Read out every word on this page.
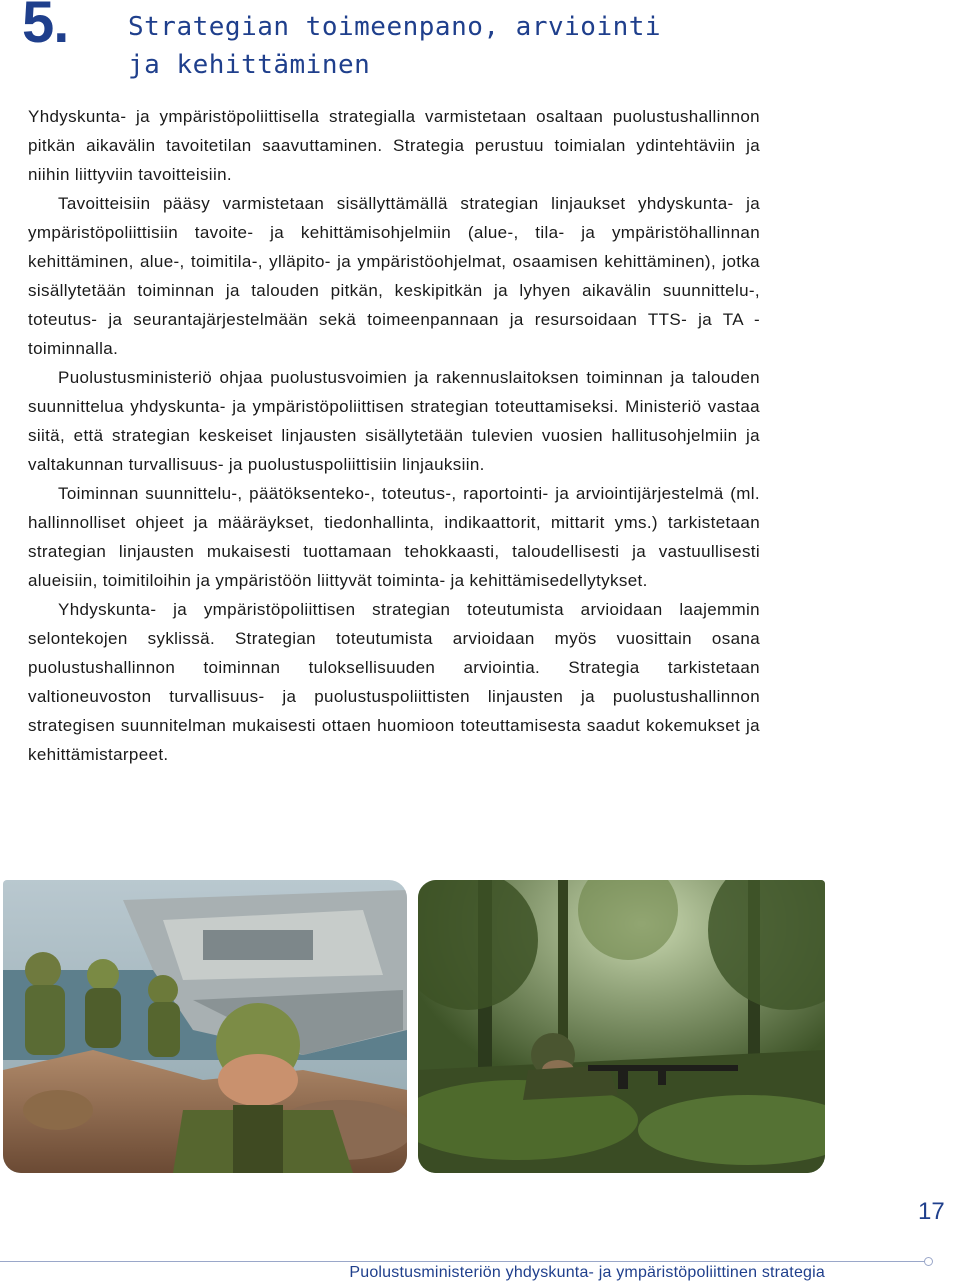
5. Strategian toimeenpano, arviointi
ja kehittäminen

Yhdyskunta- ja ympäristöpoliittisella strategialla varmistetaan osaltaan puolustushallinnon pitkän aikavälin tavoitetilan saavuttaminen. Strategia perustuu toimialan ydintehtäviin ja niihin liittyviin tavoitteisiin.

Tavoitteisiin pääsy varmistetaan sisällyttämällä strategian linjaukset yhdyskunta- ja ympäristöpoliittisiin tavoite- ja kehittämisohjelmiin (alue-, tila- ja ympäristöhallinnan kehittäminen, alue-, toimitila-, ylläpito- ja ympäristöohjelmat, osaamisen kehittäminen), jotka sisällytetään toiminnan ja talouden pitkän, keskipitkän ja lyhyen aikavälin suunnittelu-, toteutus- ja seurantajärjestelmään sekä toimeenpannaan ja resursoidaan TTS- ja TA -toiminnalla.

Puolustusministeriö ohjaa puolustusvoimien ja rakennuslaitoksen toiminnan ja talouden suunnittelua yhdyskunta- ja ympäristöpoliittisen strategian toteuttamiseksi. Ministeriö vastaa siitä, että strategian keskeiset linjausten sisällytetään tulevien vuosien hallitusohjelmiin ja valtakunnan turvallisuus- ja puolustuspoliittisiin linjauksiin.

Toiminnan suunnittelu-, päätöksenteko-, toteutus-, raportointi- ja arviointijärjestelmä (ml. hallinnolliset ohjeet ja määräykset, tiedonhallinta, indikaattorit, mittarit yms.) tarkistetaan strategian linjausten mukaisesti tuottamaan tehokkaasti, taloudellisesti ja vastuullisesti alueisiin, toimitiloihin ja ympäristöön liittyvät toiminta- ja kehittämisedellytykset.

Yhdyskunta- ja ympäristöpoliittisen strategian toteutumista arvioidaan laajemmin selontekojen syklissä. Strategian toteutumista arvioidaan myös vuosittain osana puolustushallinnon toiminnan tuloksellisuuden arviointia. Strategia tarkistetaan valtioneuvoston turvallisuus- ja puolustuspoliittisten linjausten ja puolustushallinnon strategisen suunnitelman mukaisesti ottaen huomioon toteuttamisesta saadut kokemukset ja kehittämistarpeet.

17
Puolustusministeriön yhdyskunta- ja ympäristöpoliittinen strategia
